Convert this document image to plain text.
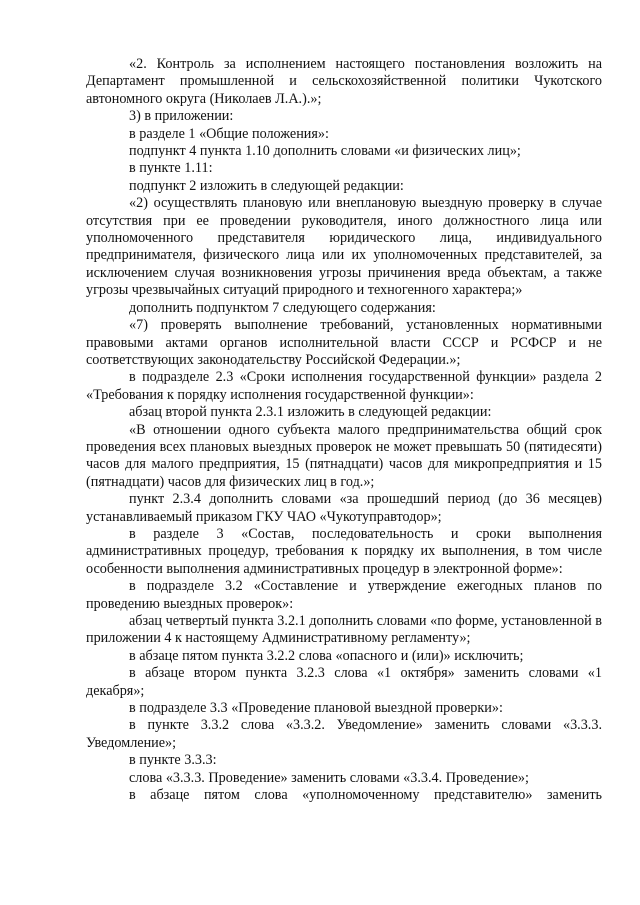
«2. Контроль за исполнением настоящего постановления возложить на Департамент промышленной и сельскохозяйственной политики Чукотского автономного округа (Николаев Л.А.).»;

3) в приложении:

в разделе 1 «Общие положения»:

подпункт 4 пункта 1.10 дополнить словами «и физических лиц»;

в пункте 1.11:

подпункт 2 изложить в следующей редакции:

«2) осуществлять плановую или внеплановую выездную проверку в случае отсутствия при ее проведении руководителя, иного должностного лица или уполномоченного представителя юридического лица, индивидуального предпринимателя, физического лица или их уполномоченных представителей, за исключением случая возникновения угрозы причинения вреда объектам, а также угрозы чрезвычайных ситуаций природного и техногенного характера;»

дополнить подпунктом 7 следующего содержания:

«7) проверять выполнение требований, установленных нормативными правовыми актами органов исполнительной власти СССР и РСФСР и не соответствующих законодательству Российской Федерации.»;

в подразделе 2.3 «Сроки исполнения государственной функции» раздела 2 «Требования к порядку исполнения государственной функции»:

абзац второй пункта 2.3.1 изложить в следующей редакции:

«В отношении одного субъекта малого предпринимательства общий срок проведения всех плановых выездных проверок не может превышать 50 (пятидесяти) часов для малого предприятия, 15 (пятнадцати) часов для микропредприятия и 15 (пятнадцати) часов для физических лиц в год.»;

пункт 2.3.4 дополнить словами «за прошедший период (до 36 месяцев) устанавливаемый приказом ГКУ ЧАО «Чукотуправтодор»;

в разделе 3 «Состав, последовательность и сроки выполнения административных процедур, требования к порядку их выполнения, в том числе особенности выполнения административных процедур в электронной форме»:

в подразделе 3.2 «Составление и утверждение ежегодных планов по проведению выездных проверок»:

абзац четвертый пункта 3.2.1 дополнить словами «по форме, установленной в приложении 4 к настоящему Административному регламенту»;

в абзаце пятом пункта 3.2.2 слова «опасного и (или)» исключить;

в абзаце втором пункта 3.2.3 слова «1 октября» заменить словами «1 декабря»;

в подразделе 3.3 «Проведение плановой выездной проверки»:

в пункте 3.3.2 слова «3.3.2. Уведомление» заменить словами «3.3.3. Уведомление»;

в пункте 3.3.3:

слова «3.3.3. Проведение» заменить словами «3.3.4. Проведение»;

в абзаце пятом слова «уполномоченному представителю» заменить
